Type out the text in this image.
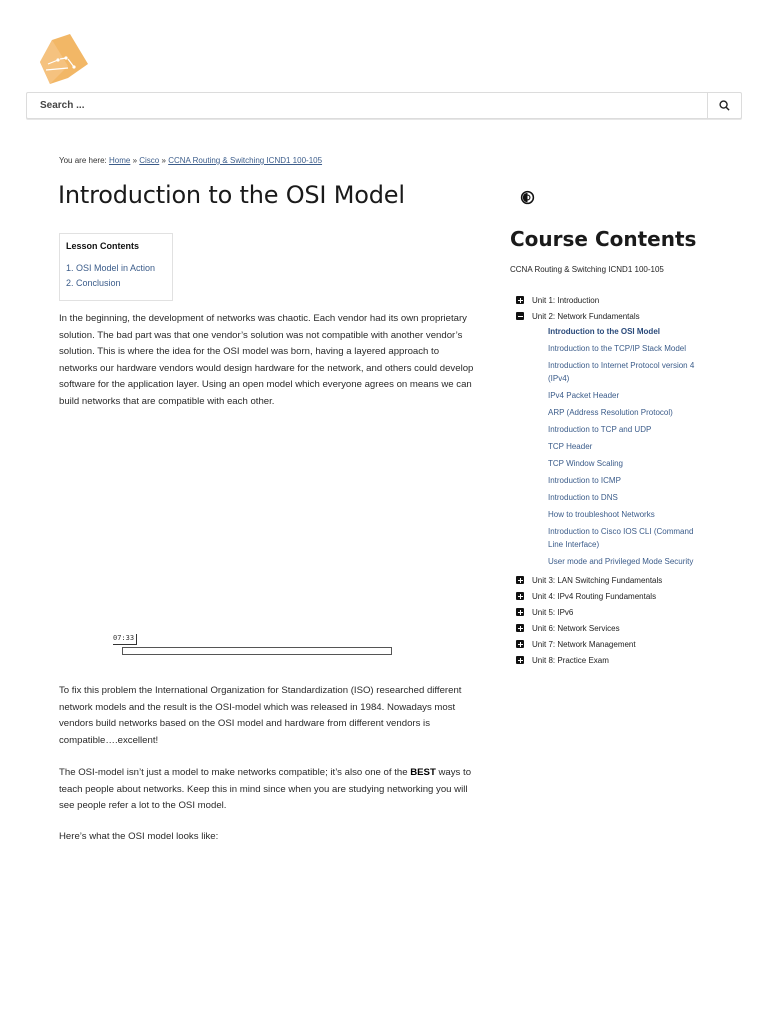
Search ...
You are here: Home » Cisco » CCNA Routing & Switching ICND1 100-105
Introduction to the OSI Model
Lesson Contents
1. OSI Model in Action
2. Conclusion

In the beginning, the development of networks was chaotic. Each vendor had its own proprietary solution. The bad part was that one vendor’s solution was not compatible with another vendor’s solution. This is where the idea for the OSI model was born, having a layered approach to networks our hardware vendors would design hardware for the network, and others could develop software for the application layer. Using an open model which everyone agrees on means we can build networks that are compatible with each other.

07:33

To fix this problem the International Organization for Standardization (ISO) researched different network models and the result is the OSI-model which was released in 1984. Nowadays most vendors build networks based on the OSI model and hardware from different vendors is compatible….excellent!

The OSI-model isn’t just a model to make networks compatible; it’s also one of the BEST ways to teach people about networks. Keep this in mind since when you are studying networking you will see people refer a lot to the OSI model.

Here’s what the OSI model looks like:

Course Contents
CCNA Routing & Switching ICND1 100-105
Unit 1: Introduction
Unit 2: Network Fundamentals
Introduction to the OSI Model
Introduction to the TCP/IP Stack Model
Introduction to Internet Protocol version 4 (IPv4)
IPv4 Packet Header
ARP (Address Resolution Protocol)
Introduction to TCP and UDP
TCP Header
TCP Window Scaling
Introduction to ICMP
Introduction to DNS
How to troubleshoot Networks
Introduction to Cisco IOS CLI (Command Line Interface)
User mode and Privileged Mode Security
Unit 3: LAN Switching Fundamentals
Unit 4: IPv4 Routing Fundamentals
Unit 5: IPv6
Unit 6: Network Services
Unit 7: Network Management
Unit 8: Practice Exam
